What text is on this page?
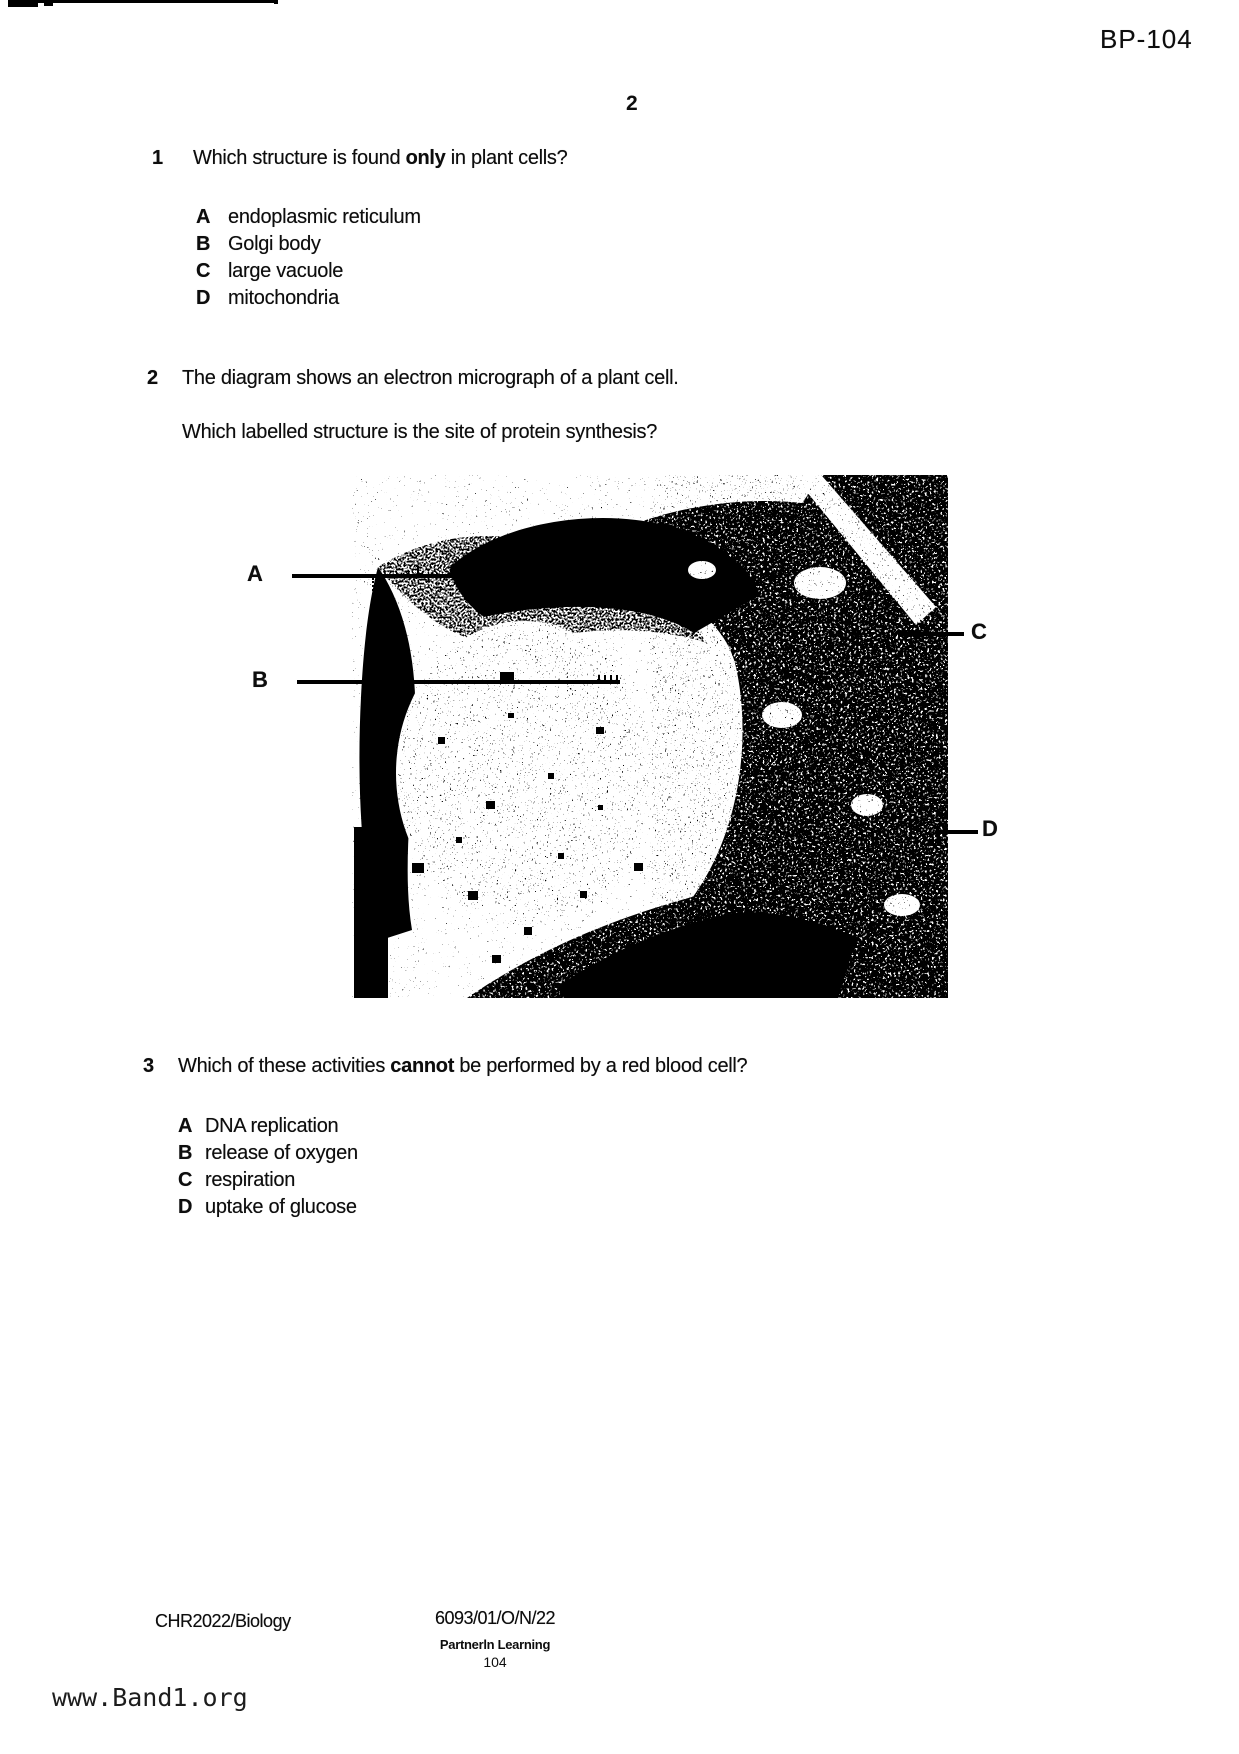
BP-104
2
1 Which structure is found only in plant cells?
A endoplasmic reticulum
B Golgi body
C large vacuole
D mitochondria
2 The diagram shows an electron micrograph of a plant cell.
Which labelled structure is the site of protein synthesis?
A
B
C
D
3 Which of these activities cannot be performed by a red blood cell?
A DNA replication
B release of oxygen
C respiration
D uptake of glucose
CHR2022/Biology	6093/01/O/N/22
Partnerln Learning
104
www.Band1.org
